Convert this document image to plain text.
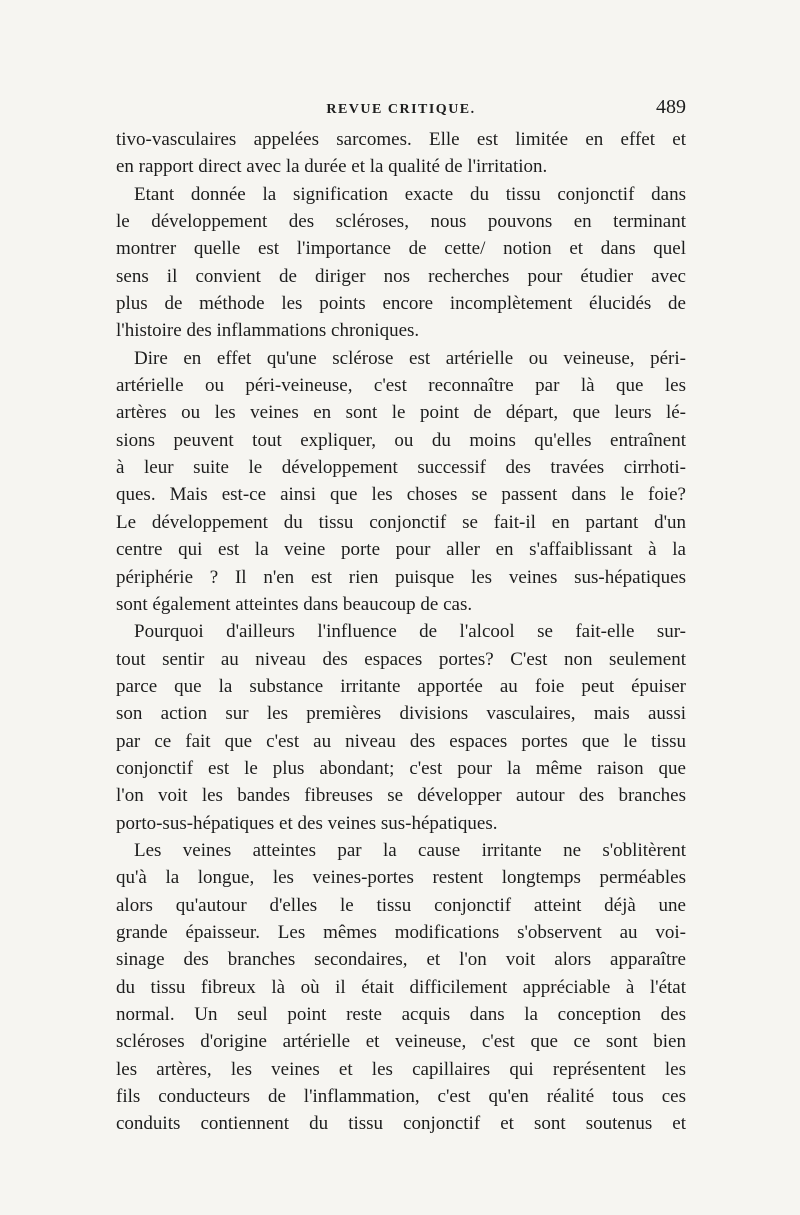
REVUE CRITIQUE.	489
tivo-vasculaires appelées sarcomes. Elle est limitée en effet et
en rapport direct avec la durée et la qualité de l'irritation.
Etant donnée la signification exacte du tissu conjonctif dans
le développement des scléroses, nous pouvons en terminant
montrer quelle est l'importance de cette/ notion et dans quel
sens il convient de diriger nos recherches pour étudier avec
plus de méthode les points encore incomplètement élucidés de
l'histoire des inflammations chroniques.
Dire en effet qu'une sclérose est artérielle ou veineuse, péri-
artérielle ou péri-veineuse, c'est reconnaître par là que les
artères ou les veines en sont le point de départ, que leurs lé-
sions peuvent tout expliquer, ou du moins qu'elles entraînent
à leur suite le développement successif des travées cirrhoti-
ques. Mais est-ce ainsi que les choses se passent dans le foie?
Le développement du tissu conjonctif se fait-il en partant d'un
centre qui est la veine porte pour aller en s'affaiblissant à la
périphérie ? Il n'en est rien puisque les veines sus-hépatiques
sont également atteintes dans beaucoup de cas.
Pourquoi d'ailleurs l'influence de l'alcool se fait-elle sur-
tout sentir au niveau des espaces portes? C'est non seulement
parce que la substance irritante apportée au foie peut épuiser
son action sur les premières divisions vasculaires, mais aussi
par ce fait que c'est au niveau des espaces portes que le tissu
conjonctif est le plus abondant; c'est pour la même raison que
l'on voit les bandes fibreuses se développer autour des branches
porto-sus-hépatiques et des veines sus-hépatiques.
Les veines atteintes par la cause irritante ne s'oblitèrent
qu'à la longue, les veines-portes restent longtemps perméables
alors qu'autour d'elles le tissu conjonctif atteint déjà une
grande épaisseur. Les mêmes modifications s'observent au voi-
sinage des branches secondaires, et l'on voit alors apparaître
du tissu fibreux là où il était difficilement appréciable à l'état
normal. Un seul point reste acquis dans la conception des
scléroses d'origine artérielle et veineuse, c'est que ce sont bien
les artères, les veines et les capillaires qui représentent les
fils conducteurs de l'inflammation, c'est qu'en réalité tous ces
conduits contiennent du tissu conjonctif et sont soutenus et
